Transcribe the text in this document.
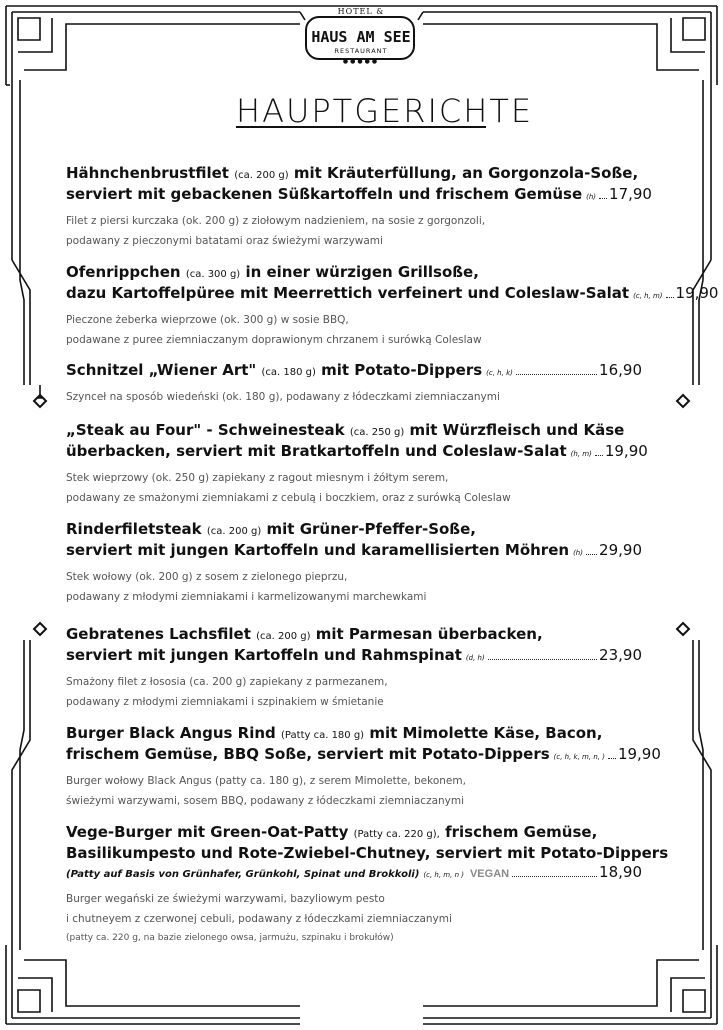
HOTEL &
HAUS AM SEE
RESTAURANT
●●●●●
HAUPTGERICHTE
Hähnchenbrustfilet
(ca. 200 g)
mit Kräuterfüllung, an Gorgonzola-Soße,
serviert mit gebackenen Süßkartoffeln und frischem Gemüse (h) 17,90
Filet z piersi kurczaka (ok. 200 g) z ziołowym nadzieniem, na sosie z gorgonzoli,
podawany z pieczonymi batatami oraz świeżymi warzywami
Ofenrippchen
(ca. 300 g)
in einer würzigen Grillsoße,
dazu Kartoffelpüree mit Meerrettich verfeinert und Coleslaw-Salat (c, h, m) 19,90
Pieczone żeberka wieprzowe (ok. 300 g) w sosie BBQ,
podawane z puree ziemniaczanym doprawionym chrzanem i surówką Coleslaw
Schnitzel „Wiener Art"
(ca. 180 g)
mit Potato-Dippers (c, h, k)	16,90
Szynceł na sposób wiedeński (ok. 180 g), podawany z łódeczkami ziemniaczanymi
„Steak au Four" - Schweinesteak
(ca. 250 g)
mit Würzfleisch und Käse
überbacken, serviert mit Bratkartoffeln und Coleslaw-Salat (h, m) 19,90
Stek wieprzowy (ok. 250 g) zapiekany z ragout miesnym i żółtym serem,
podawany ze smażonymi ziemniakami z cebulą i boczkiem, oraz z surówką Coleslaw
Rinderfiletsteak
(ca. 200 g)
mit Grüner-Pfeffer-Soße,
serviert mit jungen Kartoffeln und karamellisierten Möhren (h) 29,90
Stek wołowy (ok. 200 g) z sosem z zielonego pieprzu,
podawany z młodymi ziemniakami i karmelizowanymi marchewkami
Gebratenes Lachsfilet
(ca. 200 g)
mit Parmesan überbacken,
serviert mit jungen Kartoffeln und Rahmspinat (d, h)	23,90
Smażony filet z łososia (ca. 200 g) zapiekany z parmezanem,
podawany z młodymi ziemniakami i szpinakiem w śmietanie
Burger Black Angus Rind
(Patty ca. 180 g)
mit Mimolette Käse, Bacon,
frischem Gemüse, BBQ Soße, serviert mit Potato-Dippers (c, h, k, m, n, ) 19,90
Burger wołowy Black Angus (patty ca. 180 g), z serem Mimolette, bekonem,
świeżymi warzywami, sosem BBQ, podawany z łódeczkami ziemniaczanymi
Vege-Burger mit Green-Oat-Patty
(Patty ca. 220 g),
frischem Gemüse,
Basilikumpesto und Rote-Zwiebel-Chutney, serviert mit Potato-Dippers
(Patty auf Basis von Grünhafer, Grünkohl, Spinat und Brokkoli) (c, h, m, n ) VEGAN	18,90
Burger wegański ze świeżymi warzywami, bazyliowym pesto
i chutneyem z czerwonej cebuli, podawany z łódeczkami ziemniaczanymi
(patty ca. 220 g, na bazie zielonego owsa, jarmużu, szpinaku i brokułów)
